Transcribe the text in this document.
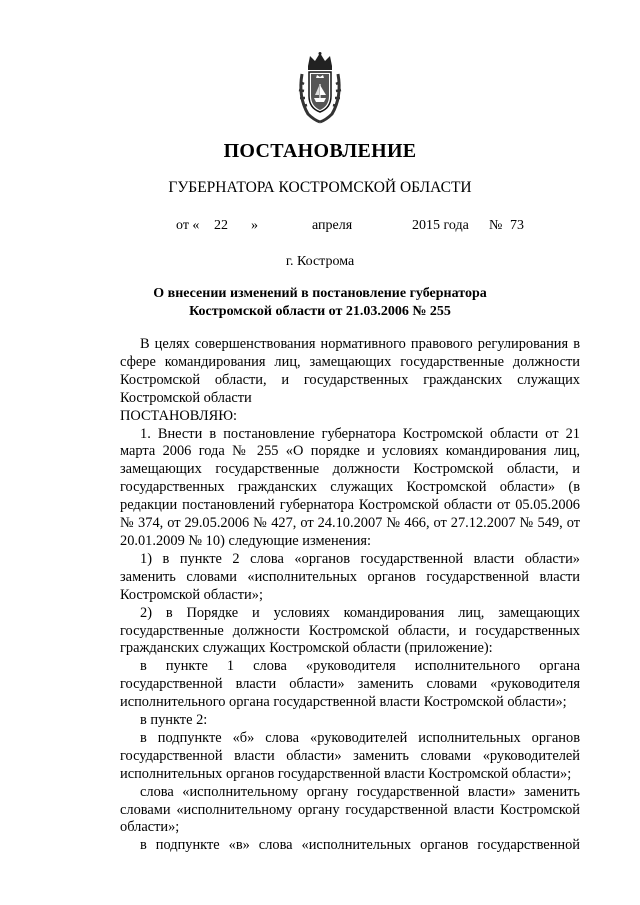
ПОСТАНОВЛЕНИЕ
ГУБЕРНАТОРА КОСТРОМСКОЙ ОБЛАСТИ
от « 22 »	апреля	2015 года № 73
г. Кострома
О внесении изменений в постановление губернатора
Костромской области от 21.03.2006 № 255

В целях совершенствования нормативного правового регулирования в сфере командирования лиц, замещающих государственные должности Костромской области, и государственных гражданских служащих Костромской области

ПОСТАНОВЛЯЮ:

1. Внести в постановление губернатора Костромской области от 21 марта 2006 года № 255 «О порядке и условиях командирования лиц, замещающих государственные должности Костромской области, и государственных гражданских служащих Костромской области» (в редакции постановлений губернатора Костромской области от 05.05.2006 № 374, от 29.05.2006 № 427, от 24.10.2007 № 466, от 27.12.2007 № 549, от 20.01.2009 № 10) следующие изменения:

1) в пункте 2 слова «органов государственной власти области» заменить словами «исполнительных органов государственной власти Костромской области»;

2) в Порядке и условиях командирования лиц, замещающих государственные должности Костромской области, и государственных гражданских служащих Костромской области (приложение):

в пункте 1 слова «руководителя исполнительного органа государственной власти области» заменить словами «руководителя исполнительного органа государственной власти Костромской области»;

в пункте 2:

в подпункте «б» слова «руководителей исполнительных органов государственной власти области» заменить словами «руководителей исполнительных органов государственной власти Костромской области»;

слова «исполнительному органу государственной власти» заменить словами «исполнительному органу государственной власти Костромской области»;

в подпункте «в» слова «исполнительных органов государственной
